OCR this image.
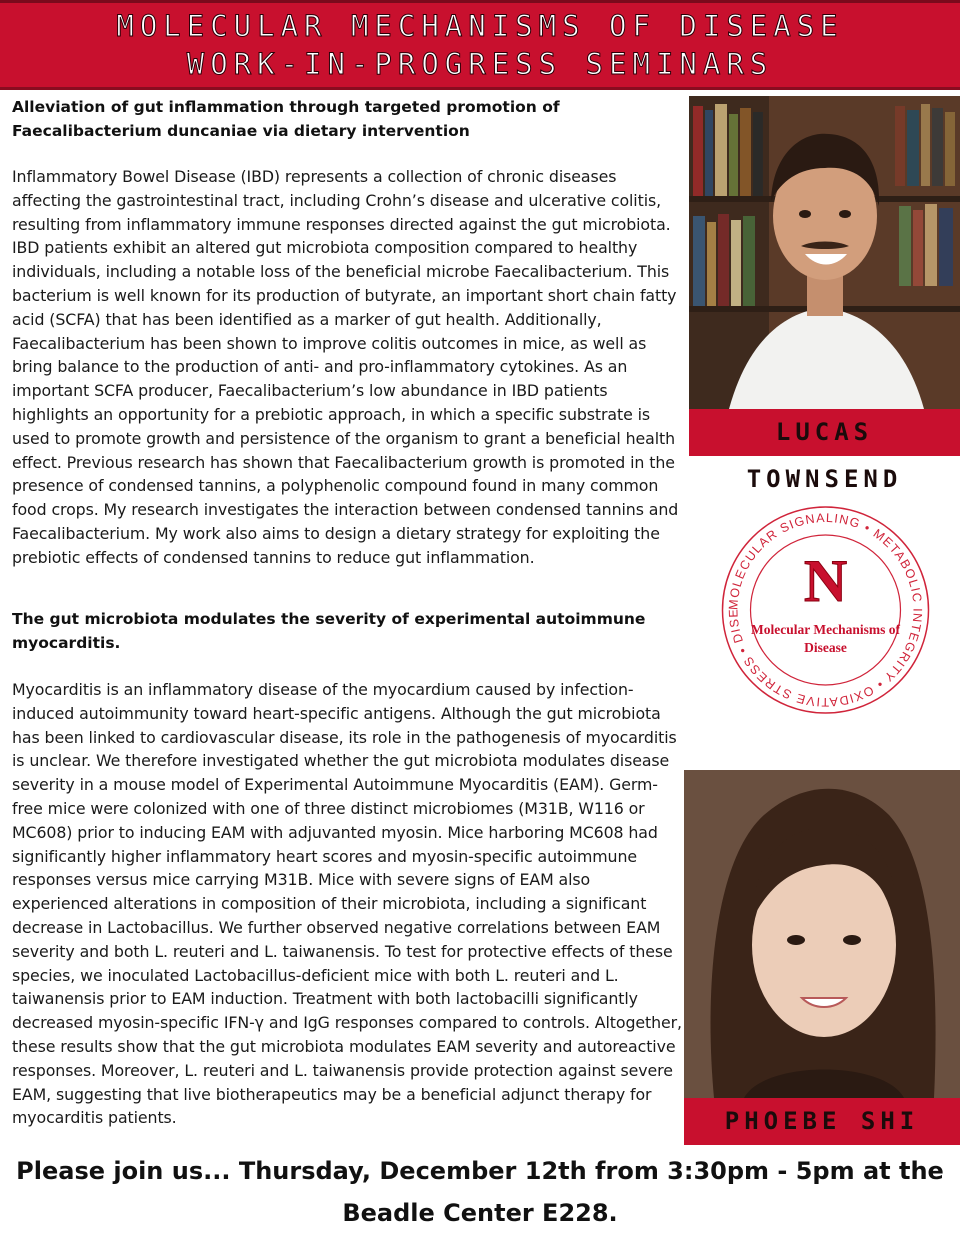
MOLECULAR MECHANISMS OF DISEASE
WORK-IN-PROGRESS SEMINARS
Alleviation of gut inflammation through targeted promotion of Faecalibacterium duncaniae via dietary intervention
Inflammatory Bowel Disease (IBD) represents a collection of chronic diseases affecting the gastrointestinal tract, including Crohn’s disease and ulcerative colitis, resulting from inflammatory immune responses directed against the gut microbiota. IBD patients exhibit an altered gut microbiota composition compared to healthy individuals, including a notable loss of the beneficial microbe Faecalibacterium. This bacterium is well known for its production of butyrate, an important short chain fatty acid (SCFA) that has been identified as a marker of gut health. Additionally, Faecalibacterium has been shown to improve colitis outcomes in mice, as well as bring balance to the production of anti- and pro-inflammatory cytokines. As an important SCFA producer, Faecalibacterium’s low abundance in IBD patients highlights an opportunity for a prebiotic approach, in which a specific substrate is used to promote growth and persistence of the organism to grant a beneficial health effect. Previous research has shown that Faecalibacterium growth is promoted in the presence of condensed tannins, a polyphenolic compound found in many common food crops. My research investigates the interaction between condensed tannins and Faecalibacterium. My work also aims to design a dietary strategy for exploiting the prebiotic effects of condensed tannins to reduce gut inflammation.
LUCAS TOWNSEND
MOLECULAR SIGNALING • METABOLIC INTEGRITY • OXIDATIVE STRESS • DISE	N
Molecular Mechanisms of Disease
The gut microbiota modulates the severity of experimental autoimmune myocarditis.
Myocarditis is an inflammatory disease of the myocardium caused by infection-induced autoimmunity toward heart-specific antigens. Although the gut microbiota has been linked to cardiovascular disease, its role in the pathogenesis of myocarditis is unclear. We therefore investigated whether the gut microbiota modulates disease severity in a mouse model of Experimental Autoimmune Myocarditis (EAM). Germ-free mice were colonized with one of three distinct microbiomes (M31B, W116 or MC608) prior to inducing EAM with adjuvanted myosin. Mice harboring MC608 had significantly higher inflammatory heart scores and myosin-specific autoimmune responses versus mice carrying M31B. Mice with severe signs of EAM also experienced alterations in composition of their microbiota, including a significant decrease in Lactobacillus. We further observed negative correlations between EAM severity and both L. reuteri and L. taiwanensis. To test for protective effects of these species, we inoculated Lactobacillus-deficient mice with both L. reuteri and L. taiwanensis prior to EAM induction. Treatment with both lactobacilli significantly decreased myosin-specific IFN-γ and IgG responses compared to controls. Altogether, these results show that the gut microbiota modulates EAM severity and autoreactive responses. Moreover, L. reuteri and L. taiwanensis provide protection against severe EAM, suggesting that live biotherapeutics may be a beneficial adjunct therapy for myocarditis patients.	PHOEBE SHI
Please join us... Thursday, December 12th from 3:30pm - 5pm at the
Beadle Center E228.
